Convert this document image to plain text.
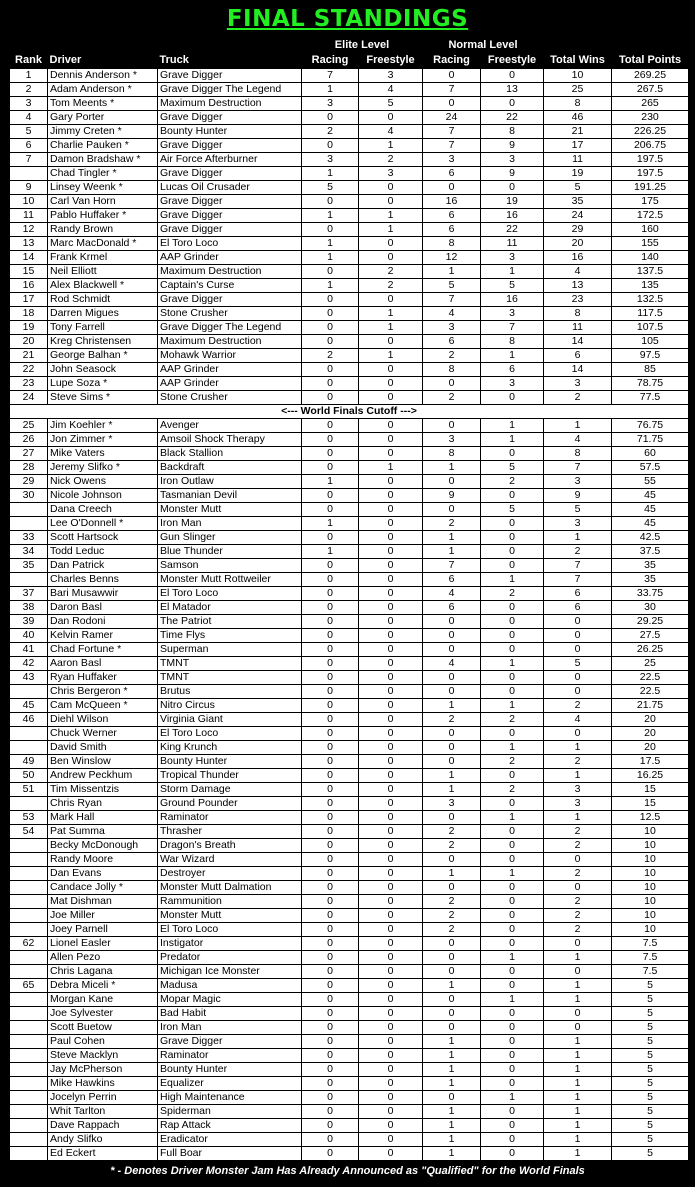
FINAL STANDINGS
			Elite Level		Normal Level			
Rank	Driver	Truck	Racing	Freestyle	Racing	Freestyle	Total Wins	Total Points
1	Dennis Anderson *	Grave Digger	7	3	0	0	10	269.25
2	Adam Anderson *	Grave Digger The Legend	1	4	7	13	25	267.5
3	Tom Meents *	Maximum Destruction	3	5	0	0	8	265
4	Gary Porter	Grave Digger	0	0	24	22	46	230
5	Jimmy Creten *	Bounty Hunter	2	4	7	8	21	226.25
6	Charlie Pauken *	Grave Digger	0	1	7	9	17	206.75
7	Damon Bradshaw *	Air Force Afterburner	3	2	3	3	11	197.5
	Chad Tingler *	Grave Digger	1	3	6	9	19	197.5
9	Linsey Weenk *	Lucas Oil Crusader	5	0	0	0	5	191.25
10	Carl Van Horn	Grave Digger	0	0	16	19	35	175
11	Pablo Huffaker *	Grave Digger	1	1	6	16	24	172.5
12	Randy Brown	Grave Digger	0	1	6	22	29	160
13	Marc MacDonald *	El Toro Loco	1	0	8	11	20	155
14	Frank Krmel	AAP Grinder	1	0	12	3	16	140
15	Neil Elliott	Maximum Destruction	0	2	1	1	4	137.5
16	Alex Blackwell *	Captain's Curse	1	2	5	5	13	135
17	Rod Schmidt	Grave Digger	0	0	7	16	23	132.5
18	Darren Migues	Stone Crusher	0	1	4	3	8	117.5
19	Tony Farrell	Grave Digger The Legend	0	1	3	7	11	107.5
20	Kreg Christensen	Maximum Destruction	0	0	6	8	14	105
21	George Balhan *	Mohawk Warrior	2	1	2	1	6	97.5
22	John Seasock	AAP Grinder	0	0	8	6	14	85
23	Lupe Soza *	AAP Grinder	0	0	0	3	3	78.75
24	Steve Sims *	Stone Crusher	0	0	2	0	2	77.5
<--- World Finals Cutoff --->								
25	Jim Koehler *	Avenger	0	0	0	1	1	76.75
26	Jon Zimmer *	Amsoil Shock Therapy	0	0	3	1	4	71.75
27	Mike Vaters	Black Stallion	0	0	8	0	8	60
28	Jeremy Slifko *	Backdraft	0	1	1	5	7	57.5
29	Nick Owens	Iron Outlaw	1	0	0	2	3	55
30	Nicole Johnson	Tasmanian Devil	0	0	9	0	9	45
	Dana Creech	Monster Mutt	0	0	0	5	5	45
	Lee O'Donnell *	Iron Man	1	0	2	0	3	45
33	Scott Hartsock	Gun Slinger	0	0	1	0	1	42.5
34	Todd Leduc	Blue Thunder	1	0	1	0	2	37.5
35	Dan Patrick	Samson	0	0	7	0	7	35
	Charles Benns	Monster Mutt Rottweiler	0	0	6	1	7	35
37	Bari Musawwir	El Toro Loco	0	0	4	2	6	33.75
38	Daron Basl	El Matador	0	0	6	0	6	30
39	Dan Rodoni	The Patriot	0	0	0	0	0	29.25
40	Kelvin Ramer	Time Flys	0	0	0	0	0	27.5
41	Chad Fortune *	Superman	0	0	0	0	0	26.25
42	Aaron Basl	TMNT	0	0	4	1	5	25
43	Ryan Huffaker	TMNT	0	0	0	0	0	22.5
	Chris Bergeron *	Brutus	0	0	0	0	0	22.5
45	Cam McQueen *	Nitro Circus	0	0	1	1	2	21.75
46	Diehl Wilson	Virginia Giant	0	0	2	2	4	20
	Chuck Werner	El Toro Loco	0	0	0	0	0	20
	David Smith	King Krunch	0	0	0	1	1	20
49	Ben Winslow	Bounty Hunter	0	0	0	2	2	17.5
50	Andrew Peckhum	Tropical Thunder	0	0	1	0	1	16.25
51	Tim Missentzis	Storm Damage	0	0	1	2	3	15
	Chris Ryan	Ground Pounder	0	0	3	0	3	15
53	Mark Hall	Raminator	0	0	0	1	1	12.5
54	Pat Summa	Thrasher	0	0	2	0	2	10
	Becky McDonough	Dragon's Breath	0	0	2	0	2	10
	Randy Moore	War Wizard	0	0	0	0	0	10
	Dan Evans	Destroyer	0	0	1	1	2	10
	Candace Jolly *	Monster Mutt Dalmation	0	0	0	0	0	10
	Mat Dishman	Rammunition	0	0	2	0	2	10
	Joe Miller	Monster Mutt	0	0	2	0	2	10
	Joey Parnell	El Toro Loco	0	0	2	0	2	10
62	Lionel Easler	Instigator	0	0	0	0	0	7.5
	Allen Pezo	Predator	0	0	0	1	1	7.5
	Chris Lagana	Michigan Ice Monster	0	0	0	0	0	7.5
65	Debra Miceli *	Madusa	0	0	1	0	1	5
	Morgan Kane	Mopar Magic	0	0	0	1	1	5
	Joe Sylvester	Bad Habit	0	0	0	0	0	5
	Scott Buetow	Iron Man	0	0	0	0	0	5
	Paul Cohen	Grave Digger	0	0	1	0	1	5
	Steve Macklyn	Raminator	0	0	1	0	1	5
	Jay McPherson	Bounty Hunter	0	0	1	0	1	5
	Mike Hawkins	Equalizer	0	0	1	0	1	5
	Jocelyn Perrin	High Maintenance	0	0	0	1	1	5
	Whit Tarlton	Spiderman	0	0	1	0	1	5
	Dave Rappach	Rap Attack	0	0	1	0	1	5
	Andy Slifko	Eradicator	0	0	1	0	1	5
	Ed Eckert	Full Boar	0	0	1	0	1	5
* - Denotes Driver Monster Jam Has Already Announced as "Qualified" for the World Finals
